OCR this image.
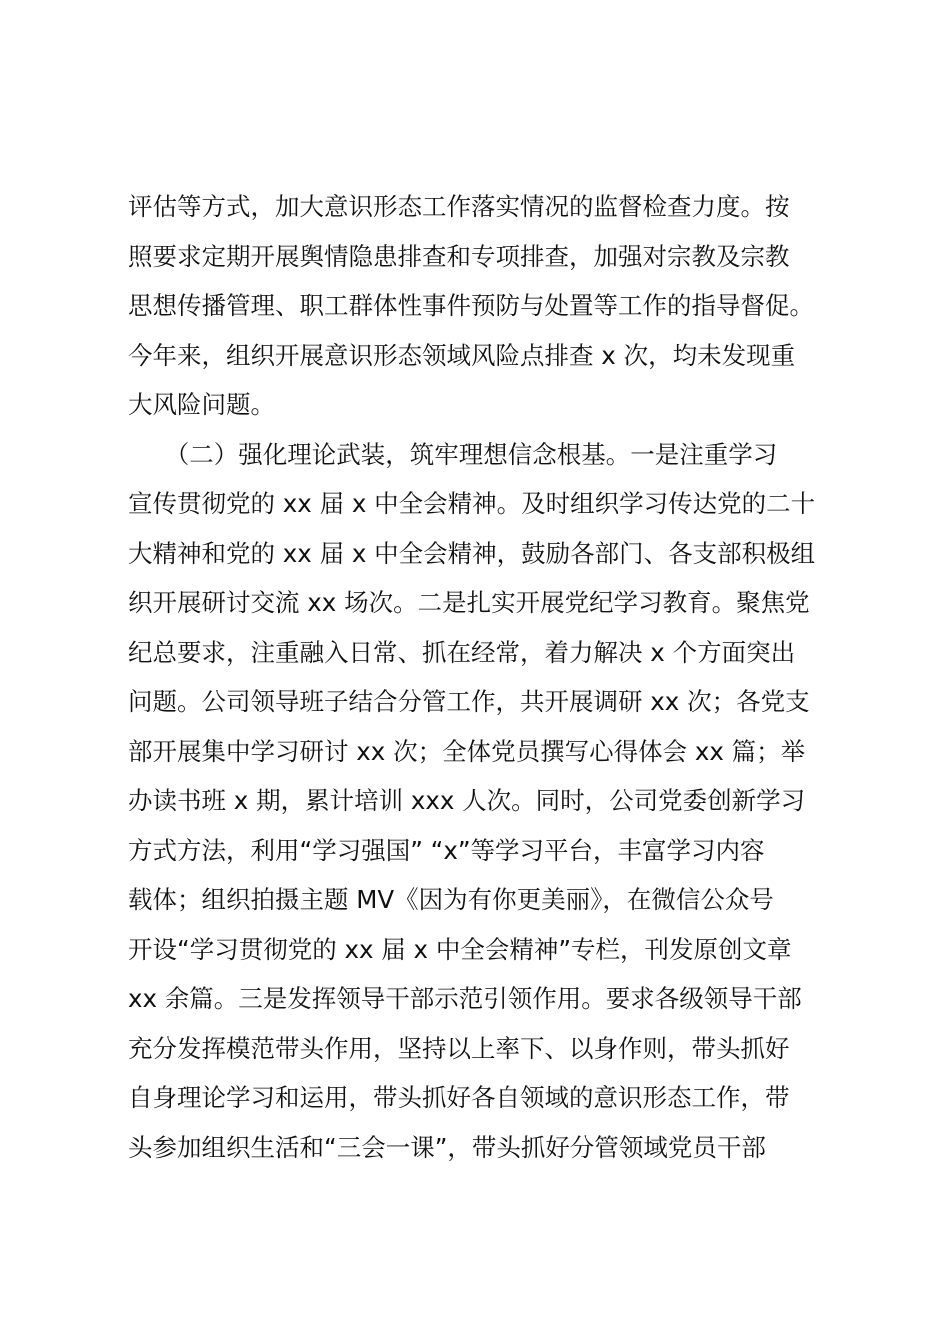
评估等方式，加大意识形态工作落实情况的监督检查力度。按
照要求定期开展舆情隐患排查和专项排查，加强对宗教及宗教
思想传播管理、职工群体性事件预防与处置等工作的指导督促。
今年来，组织开展意识形态领域风险点排查 x 次，均未发现重
大风险问题。
　　（二）强化理论武装，筑牢理想信念根基。一是注重学习
宣传贯彻党的 xx 届 x 中全会精神。及时组织学习传达党的二十
大精神和党的 xx 届 x 中全会精神，鼓励各部门、各支部积极组
织开展研讨交流 xx 场次。二是扎实开展党纪学习教育。聚焦党
纪总要求，注重融入日常、抓在经常，着力解决 x 个方面突出
问题。公司领导班子结合分管工作，共开展调研 xx 次；各党支
部开展集中学习研讨 xx 次；全体党员撰写心得体会 xx 篇；举
办读书班 x 期，累计培训 xxx 人次。同时，公司党委创新学习
方式方法，利用“学习强国” “x”等学习平台，丰富学习内容
载体；组织拍摄主题 MV《因为有你更美丽》，在微信公众号
开设“学习贯彻党的 xx 届 x 中全会精神”专栏，刊发原创文章
xx 余篇。三是发挥领导干部示范引领作用。要求各级领导干部
充分发挥模范带头作用，坚持以上率下、以身作则，带头抓好
自身理论学习和运用，带头抓好各自领域的意识形态工作，带
头参加组织生活和“三会一课”，带头抓好分管领域党员干部
